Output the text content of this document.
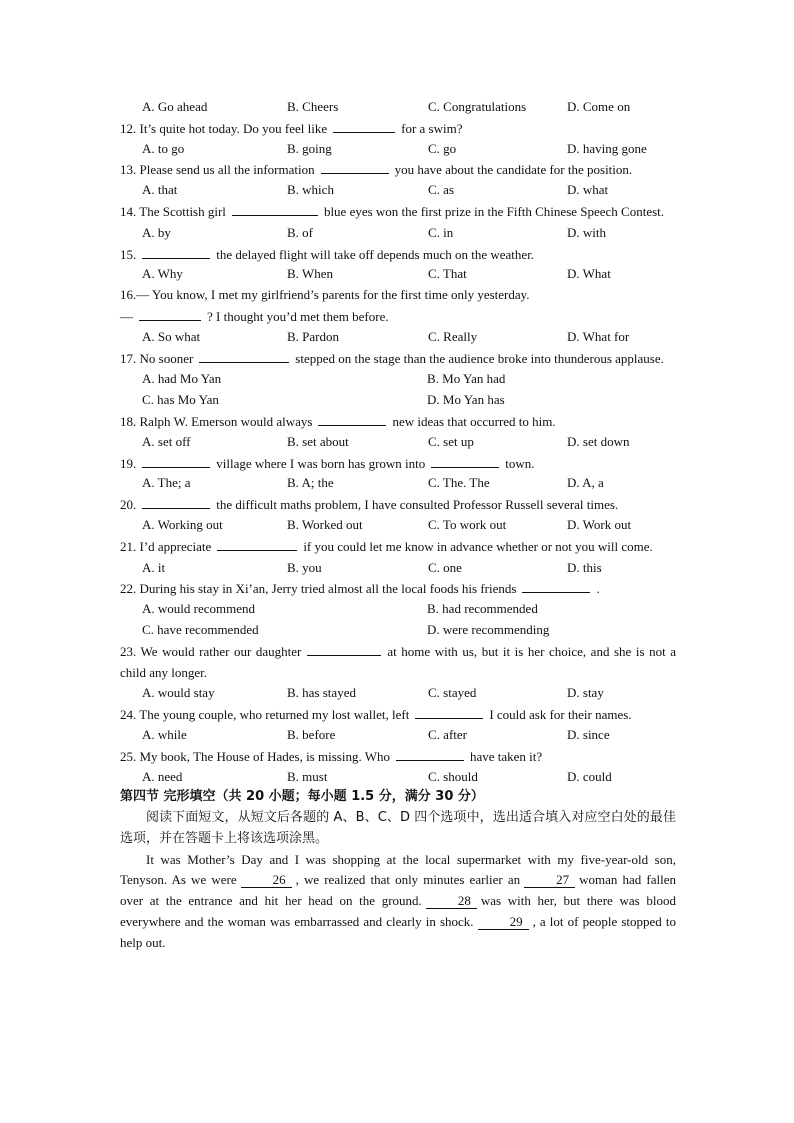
A. Go ahead	B. Cheers	C. Congratulations	D. Come on
12. It’s quite hot today. Do you feel like	for a swim?
A. to go	B. going	C. go	D. having gone
13. Please send us all the information	you have about the candidate for the position.
A. that	B. which	C. as	D. what
14. The Scottish girl	blue eyes won the first prize in the Fifth Chinese Speech Contest.
A. by	B. of	C. in	D. with
15.	the delayed flight will take off depends much on the weather.
A. Why	B. When	C. That	D. What
16.— You know, I met my girlfriend’s parents for the first time only yesterday.
—	? I thought you’d met them before.
A. So what	B. Pardon	C. Really	D. What for
17. No sooner	stepped on the stage than the audience broke into thunderous applause.
A. had Mo Yan	B. Mo Yan had
C. has Mo Yan	D. Mo Yan has
18. Ralph W. Emerson would always	new ideas that occurred to him.
A. set off	B. set about	C. set up	D. set down
19.	village where I was born has grown into	town.
A. The; a	B. A; the	C. The. The	D. A, a
20.	the difficult maths problem, I have consulted Professor Russell several times.
A. Working out	B. Worked out	C. To work out	D. Work out
21. I’d appreciate	if you could let me know in advance whether or not you will come.
A. it	B. you	C. one	D. this
22. During his stay in Xi’an, Jerry tried almost all the local foods his friends	.
A. would recommend	B. had recommended
C. have recommended	D. were recommending
23. We would rather our daughter	at home with us, but it is her choice, and she is not a child any longer.
A. would stay	B. has stayed	C. stayed	D. stay
24. The young couple, who returned my lost wallet, left	I could ask for their names.
A. while	B. before	C. after	D. since
25. My book, The House of Hades, is missing. Who	have taken it?
A. need	B. must	C. should	D. could
第四节 完形填空（共 20 小题；每小题 1.5 分，满分 30 分）
阅读下面短文，从短文后各题的 A、B、C、D 四个选项中，选出适合填入对应空白处的最佳选项，并在答题卡上将该选项涂黑。
It was Mother’s Day and I was shopping at the local supermarket with my five-year-old son, Tenyson. As we were	26 , we realized that only minutes earlier an	27 woman had fallen over at the entrance and hit her head on the ground.	28 was with her, but there was blood everywhere and the woman was embarrassed and clearly in shock.	29 , a lot of people stopped to help out.
